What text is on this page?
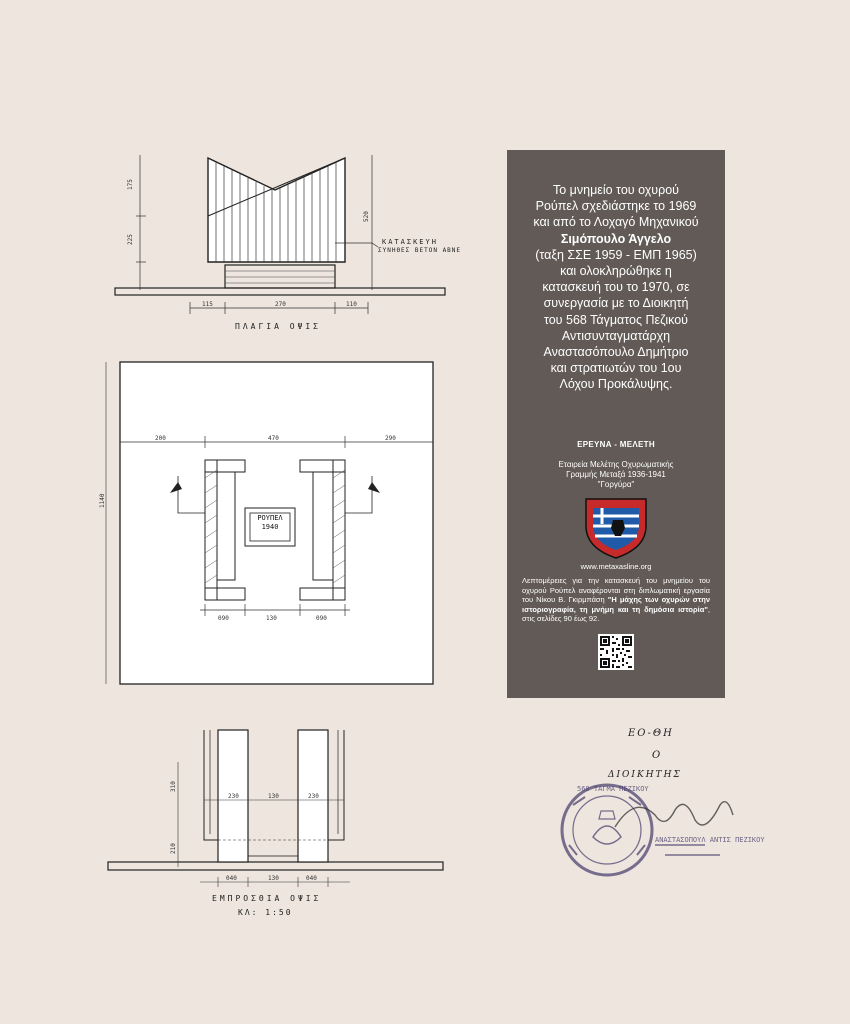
175
225
520
115	270	110
ΚΑΤΑΣΚΕΥΗ
ΣΥΝΗΘΕΣ ΒΕΤΟΝ ΑΒΝΕ
ΠΛΑΓΙΑ ΟΨΙΣ
200	470	290
090	130	090
1140
ΡΟΥΠΕΛ
1940
230	130	230
310
210
040	130	040
ΕΜΠΡΟΣΘΙΑ ΟΨΙΣ
ΚΛ: 1:50
Το μνημείο του οχυρού
Ρούπελ σχεδιάστηκε το 1969
και από το Λοχαγό Μηχανικού
Σιμόπουλο Άγγελο
(ταξη ΣΣΕ 1959 - ΕΜΠ 1965)
και ολοκληρώθηκε η
κατασκευή του το 1970, σε
συνεργασία με το Διοικητή
του 568 Τάγματος Πεζικού
Αντισυνταγματάρχη
Αναστασόπουλο Δημήτριο
και στρατιωτών του 1ου
Λόχου Προκάλυψης.
ΕΡΕΥΝΑ - ΜΕΛΕΤΗ
Εταιρεία Μελέτης Οχυρωματικής
Γραμμής Μεταξά 1936-1941
"Γοργύρα"
www.metaxasline.org
Λεπτομέρειες για την κατασκευή του μνημείου του οχυρού Ρούπελ αναφέρονται στη διπλωματική εργασία του Νίκου Β. Γκιρμπάση "Η μάχης των οχυρών στην ιστοριογραφία, τη μνήμη και τη δημόσια ιστορία", στις σελίδες 90 έως 92.
ΕΟ-ΘΗ
Ο
ΔΙΟΙΚΗΤΗΣ
ΑΝΑΣΤΑΣΟΠΟΥΛ ΑΝΤΙΣ ΠΕΖΙΚΟΥ
568 ΤΑΓΜΑ ΠΕΖΙΚΟΥ
